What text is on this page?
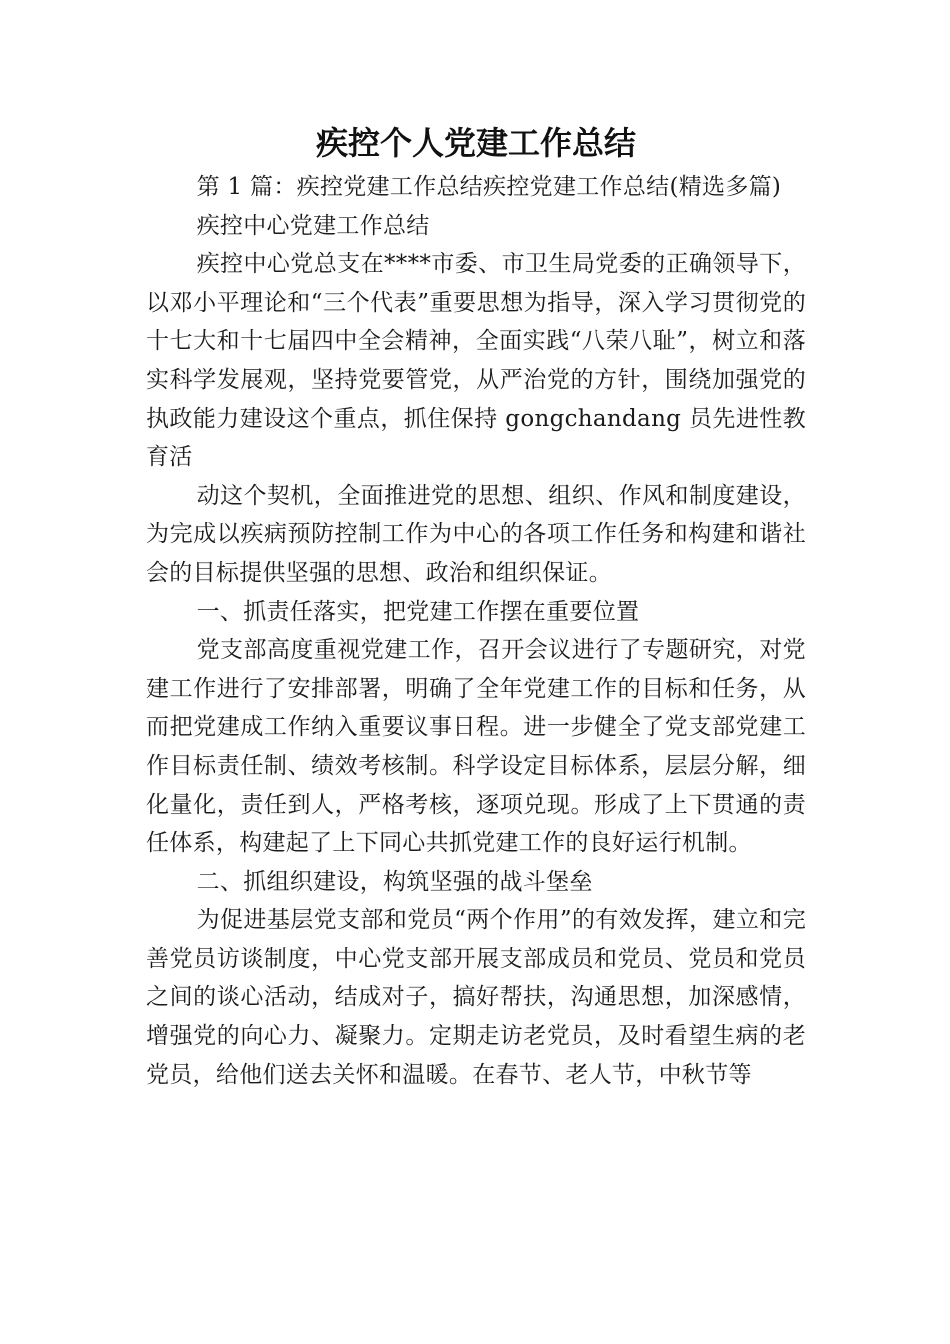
疾控个人党建工作总结

第 1 篇：疾控党建工作总结疾控党建工作总结(精选多篇)

疾控中心党建工作总结

疾控中心党总支在****市委、市卫生局党委的正确领导下，以邓小平理论和“三个代表”重要思想为指导，深入学习贯彻党的十七大和十七届四中全会精神，全面实践“八荣八耻”，树立和落实科学发展观，坚持党要管党，从严治党的方针，围绕加强党的执政能力建设这个重点，抓住保持 gongchandang 员先进性教育活

动这个契机，全面推进党的思想、组织、作风和制度建设，为完成以疾病预防控制工作为中心的各项工作任务和构建和谐社会的目标提供坚强的思想、政治和组织保证。

一、抓责任落实，把党建工作摆在重要位置

党支部高度重视党建工作，召开会议进行了专题研究，对党建工作进行了安排部署，明确了全年党建工作的目标和任务，从而把党建成工作纳入重要议事日程。进一步健全了党支部党建工作目标责任制、绩效考核制。科学设定目标体系，层层分解，细化量化，责任到人，严格考核，逐项兑现。形成了上下贯通的责任体系，构建起了上下同心共抓党建工作的良好运行机制。

二、抓组织建设，构筑坚强的战斗堡垒

为促进基层党支部和党员“两个作用”的有效发挥，建立和完善党员访谈制度，中心党支部开展支部成员和党员、党员和党员之间的谈心活动，结成对子，搞好帮扶，沟通思想，加深感情，增强党的向心力、凝聚力。定期走访老党员，及时看望生病的老党员，给他们送去关怀和温暖。在春节、老人节，中秋节等
